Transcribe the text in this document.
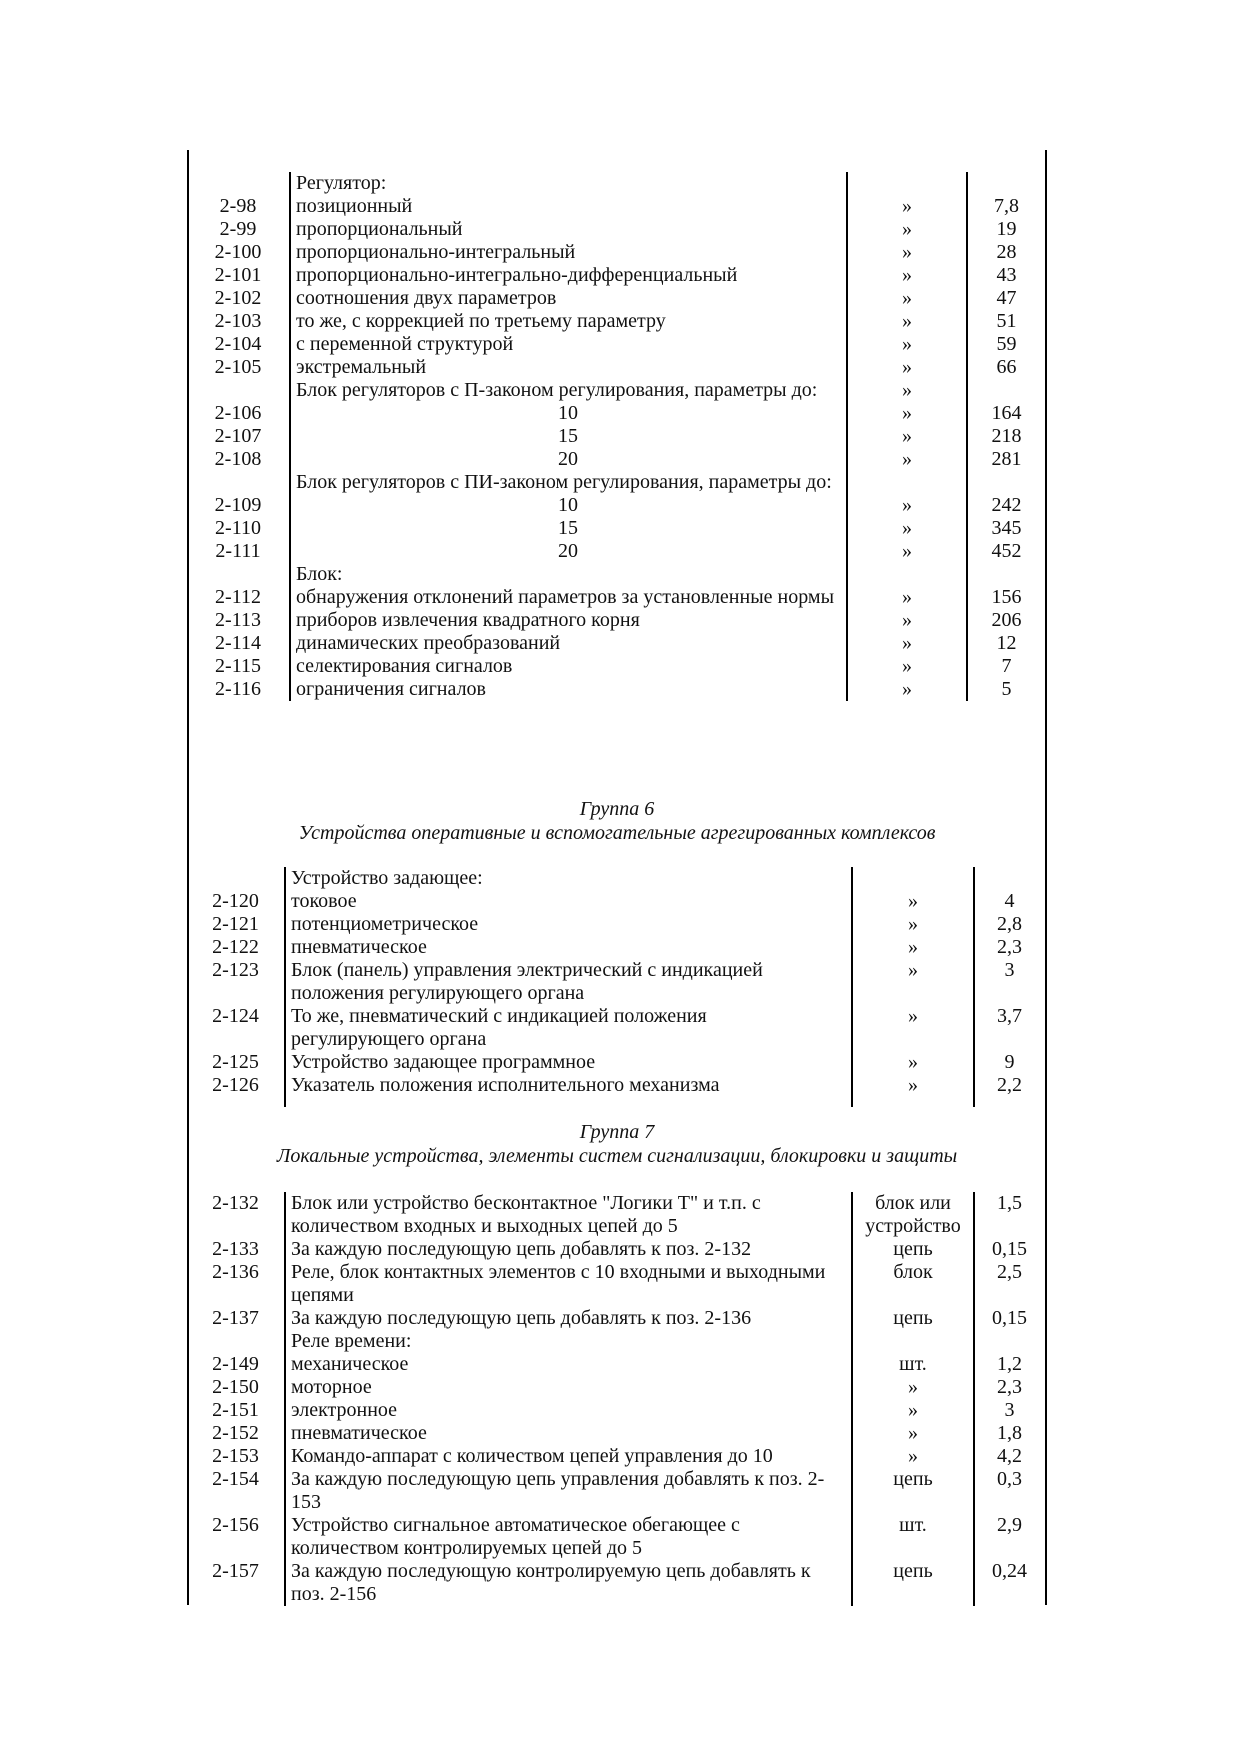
	Регулятор:		
2-98	позиционный	»	7,8
2-99	пропорциональный	»	19
2-100	пропорционально-интегральный	»	28
2-101	пропорционально-интегрально-дифференциальный	»	43
2-102	соотношения двух параметров	»	47
2-103	то же, с коррекцией по третьему параметру	»	51
2-104	с переменной структурой	»	59
2-105	экстремальный	»	66
	Блок регуляторов с П-законом регулирования, параметры до:	»	
2-106	10	»	164
2-107	15	»	218
2-108	20	»	281
	Блок регуляторов с ПИ-законом регулирования, параметры до:		
2-109	10	»	242
2-110	15	»	345
2-111	20	»	452
	Блок:		
2-112	обнаружения отклонений параметров за установленные нормы	»	156
2-113	приборов извлечения квадратного корня	»	206
2-114	динамических преобразований	»	12
2-115	селектирования сигналов	»	7
2-116	ограничения сигналов	»	5
Группа 6
Устройства оперативные и вспомогательные агрегированных комплексов
	Устройство задающее:		
2-120	токовое	»	4
2-121	потенциометрическое	»	2,8
2-122	пневматическое	»	2,3
2-123	Блок (панель) управления электрический с индикацией положения регулирующего органа	»	3
2-124	То же, пневматический с индикацией положения регулирующего органа	»	3,7
2-125	Устройство задающее программное	»	9
2-126	Указатель положения исполнительного механизма	»	2,2

Группа 7
Локальные устройства, элементы систем сигнализации, блокировки и защиты
2-132	Блок или устройство бесконтактное "Логики Т" и т.п. с количеством входных и выходных цепей до 5	блок или устройство	1,5
2-133	За каждую последующую цепь добавлять к поз. 2-132	цепь	0,15
2-136	Реле, блок контактных элементов с 10 входными и выходными цепями	блок	2,5
2-137	За каждую последующую цепь добавлять к поз. 2-136	цепь	0,15
	Реле времени:		
2-149	механическое	шт.	1,2
2-150	моторное	»	2,3
2-151	электронное	»	3
2-152	пневматическое	»	1,8
2-153	Командо-аппарат с количеством цепей управления до 10	»	4,2
2-154	За каждую последующую цепь управления добавлять к поз. 2-153	цепь	0,3
2-156	Устройство сигнальное автоматическое обегающее с количеством контролируемых цепей до 5	шт.	2,9
2-157	За каждую последующую контролируемую цепь добавлять к поз. 2-156	цепь	0,24
